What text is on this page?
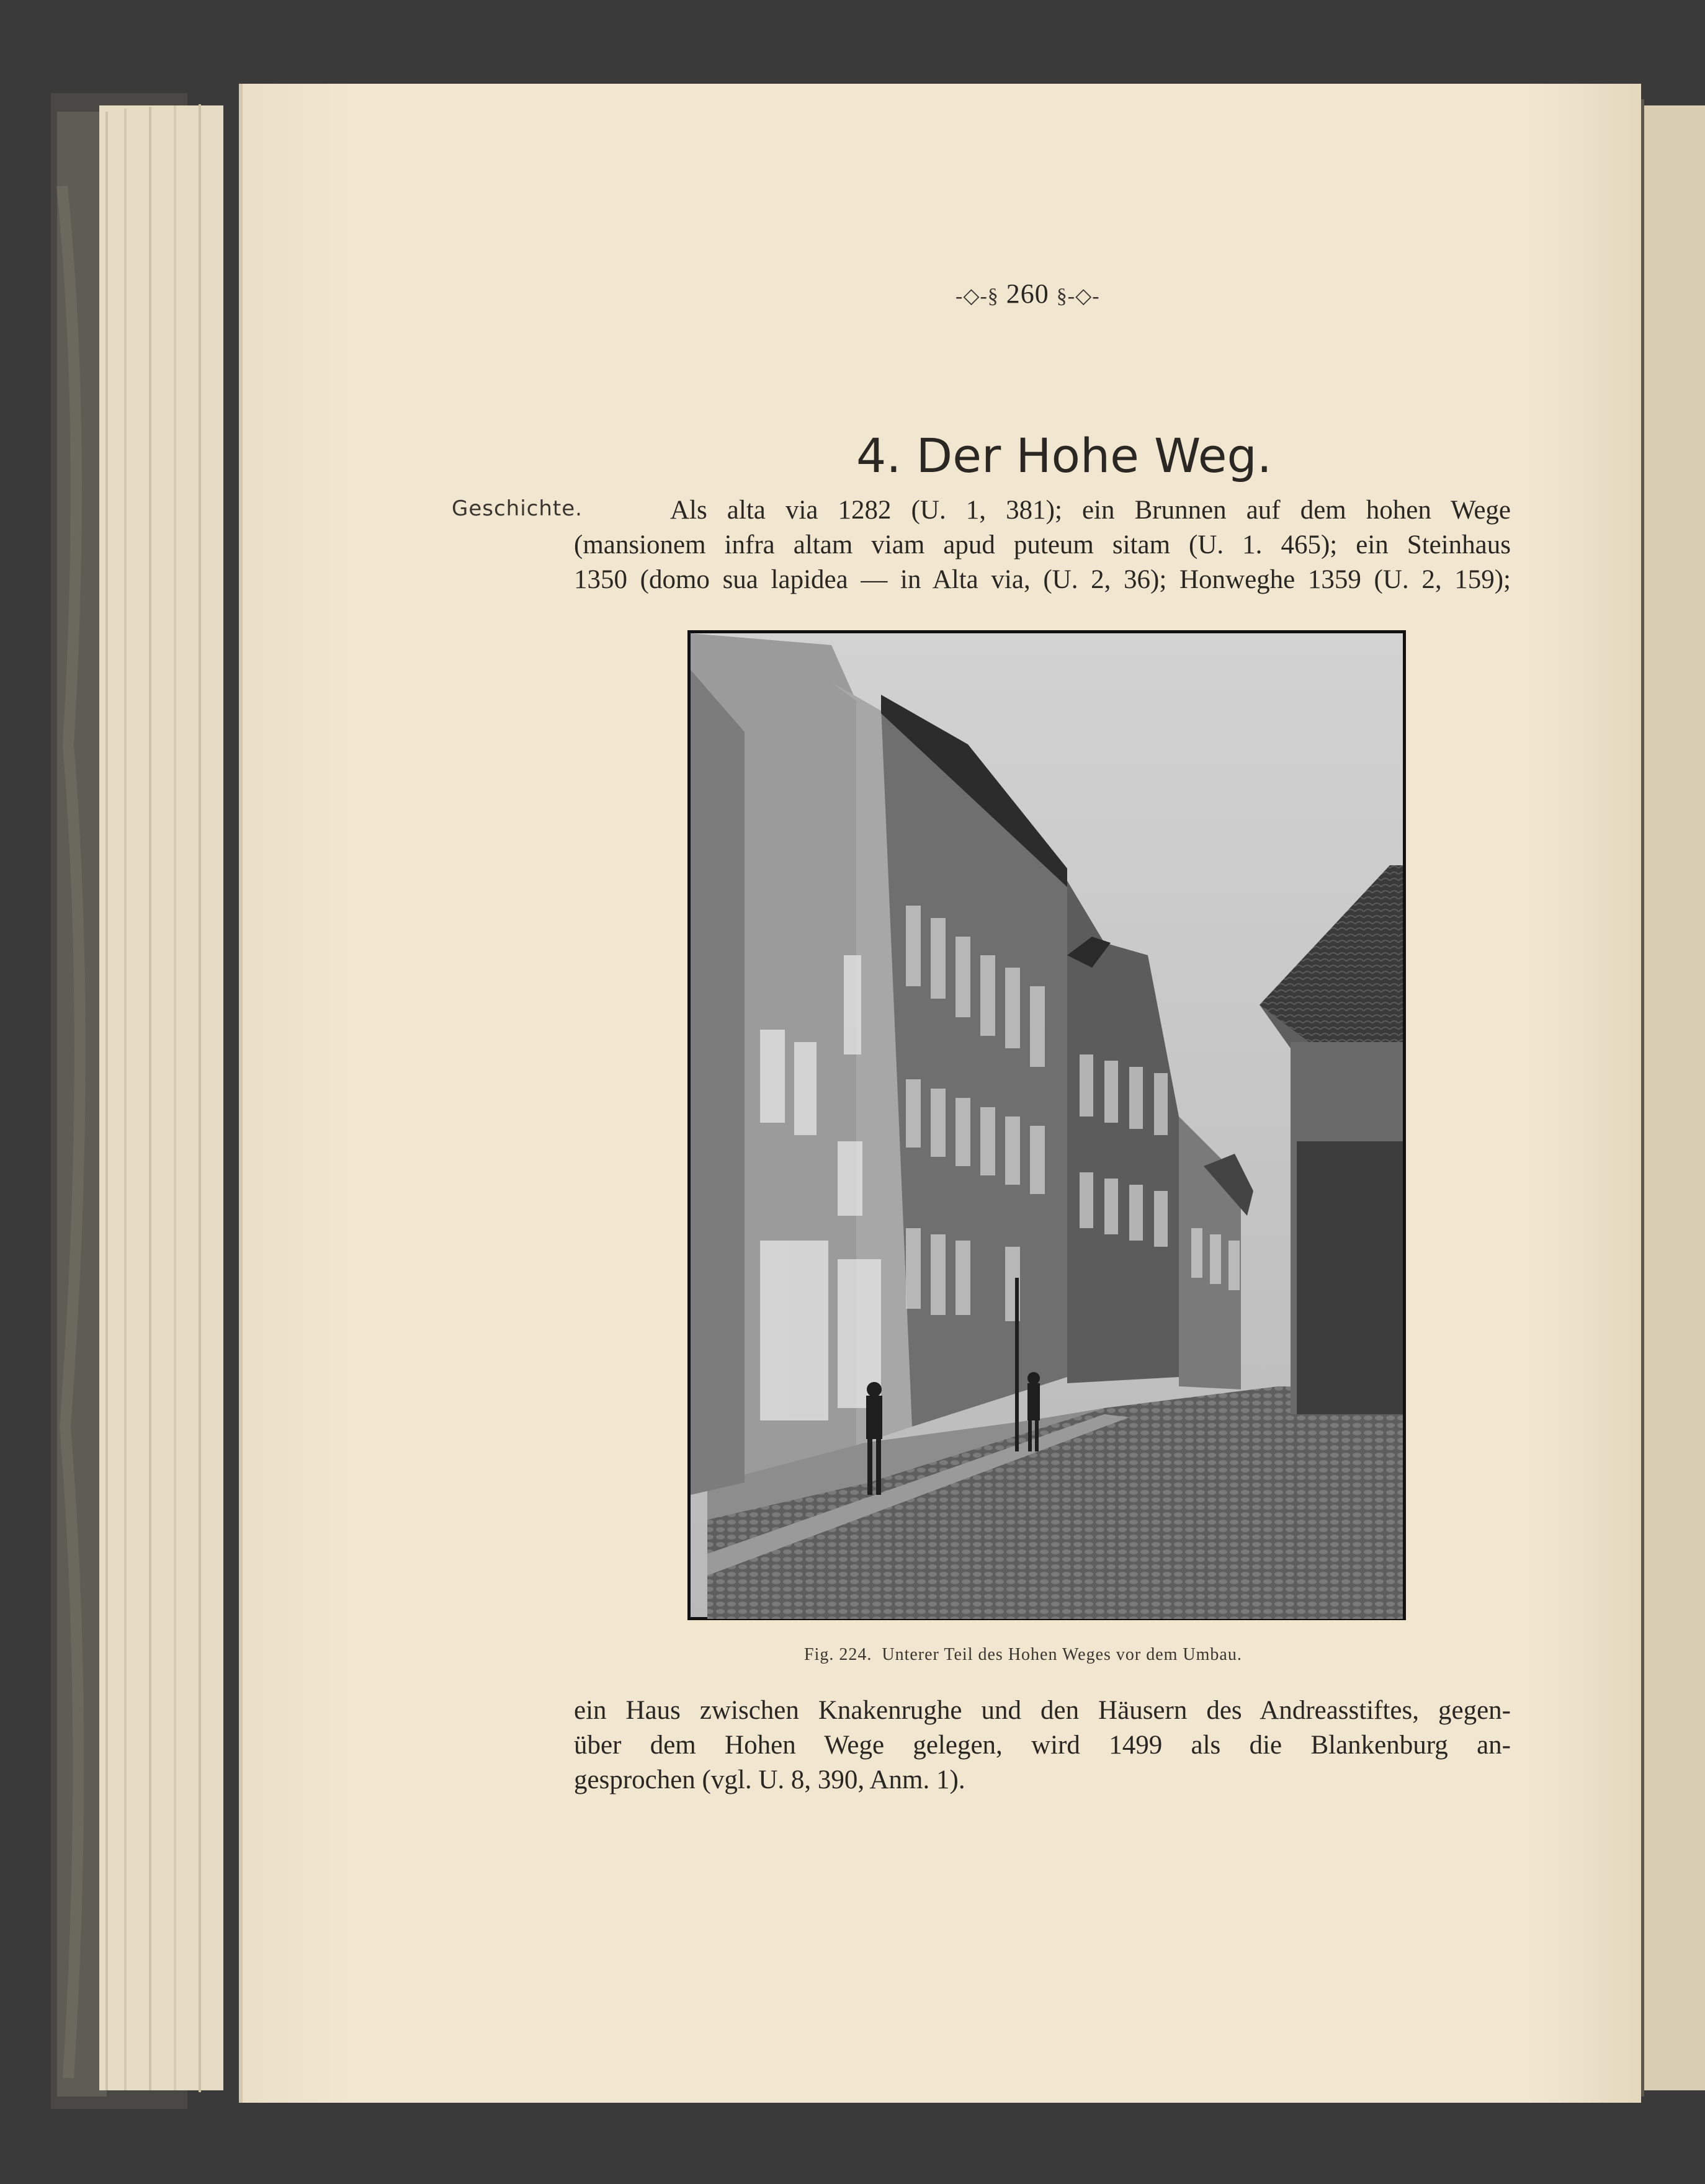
-◇-§ 260 §-◇-

4. Der Hohe Weg.

Geschichte.	Als alta via 1282 (U. 1, 381); ein Brunnen auf dem hohen Wege
(mansionem infra altam viam apud puteum sitam (U. 1. 465); ein Steinhaus
1350 (domo sua lapidea — in Alta via, (U. 2, 36); Honweghe 1359 (U. 2, 159);

Fig. 224. Unterer Teil des Hohen Weges vor dem Umbau.

ein Haus zwischen Knakenrughe und den Häusern des Andreasstiftes, gegen-
über dem Hohen Wege gelegen, wird 1499 als die Blankenburg an-
gesprochen (vgl. U. 8, 390, Anm. 1).
